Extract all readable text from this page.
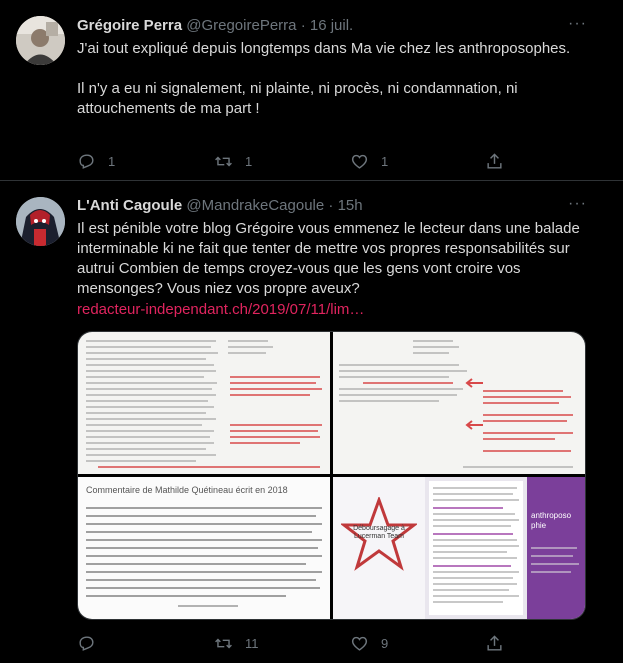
Grégoire Perra @GregoirePerra · 16 juil.	···

J'ai tout expliqué depuis longtemps dans Ma vie chez les anthroposophes.

Il n'y a eu ni signalement, ni plainte, ni procès, ni condamnation, ni attouchements de ma part !

1	1	1
L'Anti Cagoule @MandrakeCagoule · 15h	···

Il est pénible votre blog Grégoire vous emmenez le lecteur dans une balade interminable ki ne fait que tenter de mettre vos propres responsabilités sur autrui Combien de temps croyez-vous que les gens vont croire vos mensonges? Vous niez vos propre aveux?

redacteur-independant.ch/2019/07/11/lim…

Commentaire de Mathilde Quétineau écrit en 2018
Déboursagage à Lucerman Team
anthroposo phie
11	9
